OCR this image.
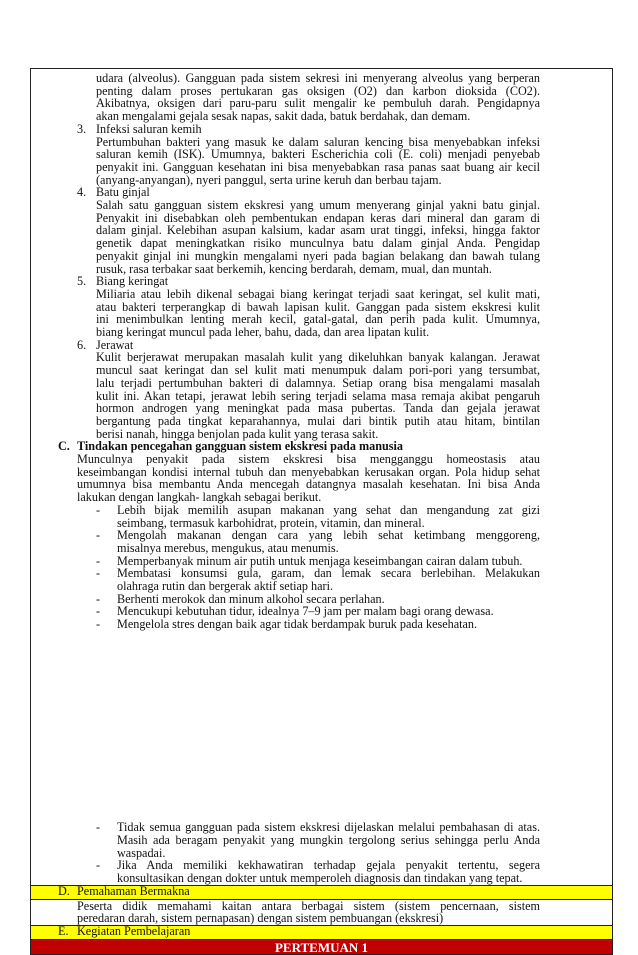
udara (alveolus). Gangguan pada sistem sekresi ini menyerang alveolus yang berperan
penting dalam proses pertukaran gas oksigen (O2) dan karbon dioksida (CO2).
Akibatnya, oksigen dari paru-paru sulit mengalir ke pembuluh darah. Pengidapnya
akan mengalami gejala sesak napas, sakit dada, batuk berdahak, dan demam.
3. Infeksi saluran kemih
Pertumbuhan bakteri yang masuk ke dalam saluran kencing bisa menyebabkan infeksi
saluran kemih (ISK). Umumnya, bakteri Escherichia coli (E. coli) menjadi penyebab
penyakit ini. Gangguan kesehatan ini bisa menyebabkan rasa panas saat buang air kecil
(anyang-anyangan), nyeri panggul, serta urine keruh dan berbau tajam.
4. Batu ginjal
Salah satu gangguan sistem ekskresi yang umum menyerang ginjal yakni batu ginjal.
Penyakit ini disebabkan oleh pembentukan endapan keras dari mineral dan garam di
dalam ginjal. Kelebihan asupan kalsium, kadar asam urat tinggi, infeksi, hingga faktor
genetik dapat meningkatkan risiko munculnya batu dalam ginjal Anda. Pengidap
penyakit ginjal ini mungkin mengalami nyeri pada bagian belakang dan bawah tulang
rusuk, rasa terbakar saat berkemih, kencing berdarah, demam, mual, dan muntah.
5. Biang keringat
Miliaria atau lebih dikenal sebagai biang keringat terjadi saat keringat, sel kulit mati,
atau bakteri terperangkap di bawah lapisan kulit. Ganggan pada sistem ekskresi kulit
ini menimbulkan lenting merah kecil, gatal-gatal, dan perih pada kulit. Umumnya,
biang keringat muncul pada leher, bahu, dada, dan area lipatan kulit.
6. Jerawat
Kulit berjerawat merupakan masalah kulit yang dikeluhkan banyak kalangan. Jerawat
muncul saat keringat dan sel kulit mati menumpuk dalam pori-pori yang tersumbat,
lalu terjadi pertumbuhan bakteri di dalamnya. Setiap orang bisa mengalami masalah
kulit ini. Akan tetapi, jerawat lebih sering terjadi selama masa remaja akibat pengaruh
hormon androgen yang meningkat pada masa pubertas. Tanda dan gejala jerawat
bergantung pada tingkat keparahannya, mulai dari bintik putih atau hitam, bintilan
berisi nanah, hingga benjolan pada kulit yang terasa sakit.
C. Tindakan pencegahan gangguan sistem ekskresi pada manusia
Munculnya penyakit pada sistem ekskresi bisa mengganggu homeostasis atau
keseimbangan kondisi internal tubuh dan menyebabkan kerusakan organ. Pola hidup sehat
umumnya bisa membantu Anda mencegah datangnya masalah kesehatan. Ini bisa Anda
lakukan dengan langkah- langkah sebagai berikut.
- Lebih bijak memilih asupan makanan yang sehat dan mengandung zat gizi
seimbang, termasuk karbohidrat, protein, vitamin, dan mineral.
- Mengolah makanan dengan cara yang lebih sehat ketimbang menggoreng,
misalnya merebus, mengukus, atau menumis.
- Memperbanyak minum air putih untuk menjaga keseimbangan cairan dalam tubuh.
- Membatasi konsumsi gula, garam, dan lemak secara berlebihan. Melakukan
olahraga rutin dan bergerak aktif setiap hari.
- Berhenti merokok dan minum alkohol secara perlahan.
- Mencukupi kebutuhan tidur, idealnya 7–9 jam per malam bagi orang dewasa.
- Mengelola stres dengan baik agar tidak berdampak buruk pada kesehatan.
- Tidak semua gangguan pada sistem ekskresi dijelaskan melalui pembahasan di atas.
Masih ada beragam penyakit yang mungkin tergolong serius sehingga perlu Anda
waspadai.
- Jika Anda memiliki kekhawatiran terhadap gejala penyakit tertentu, segera
konsultasikan dengan dokter untuk memperoleh diagnosis dan tindakan yang tepat.
D. Pemahaman Bermakna
Peserta didik memahami kaitan antara berbagai sistem (sistem pencernaan, sistem
peredaran darah, sistem pernapasan) dengan sistem pembuangan (ekskresi)
E. Kegiatan Pembelajaran
PERTEMUAN 1
